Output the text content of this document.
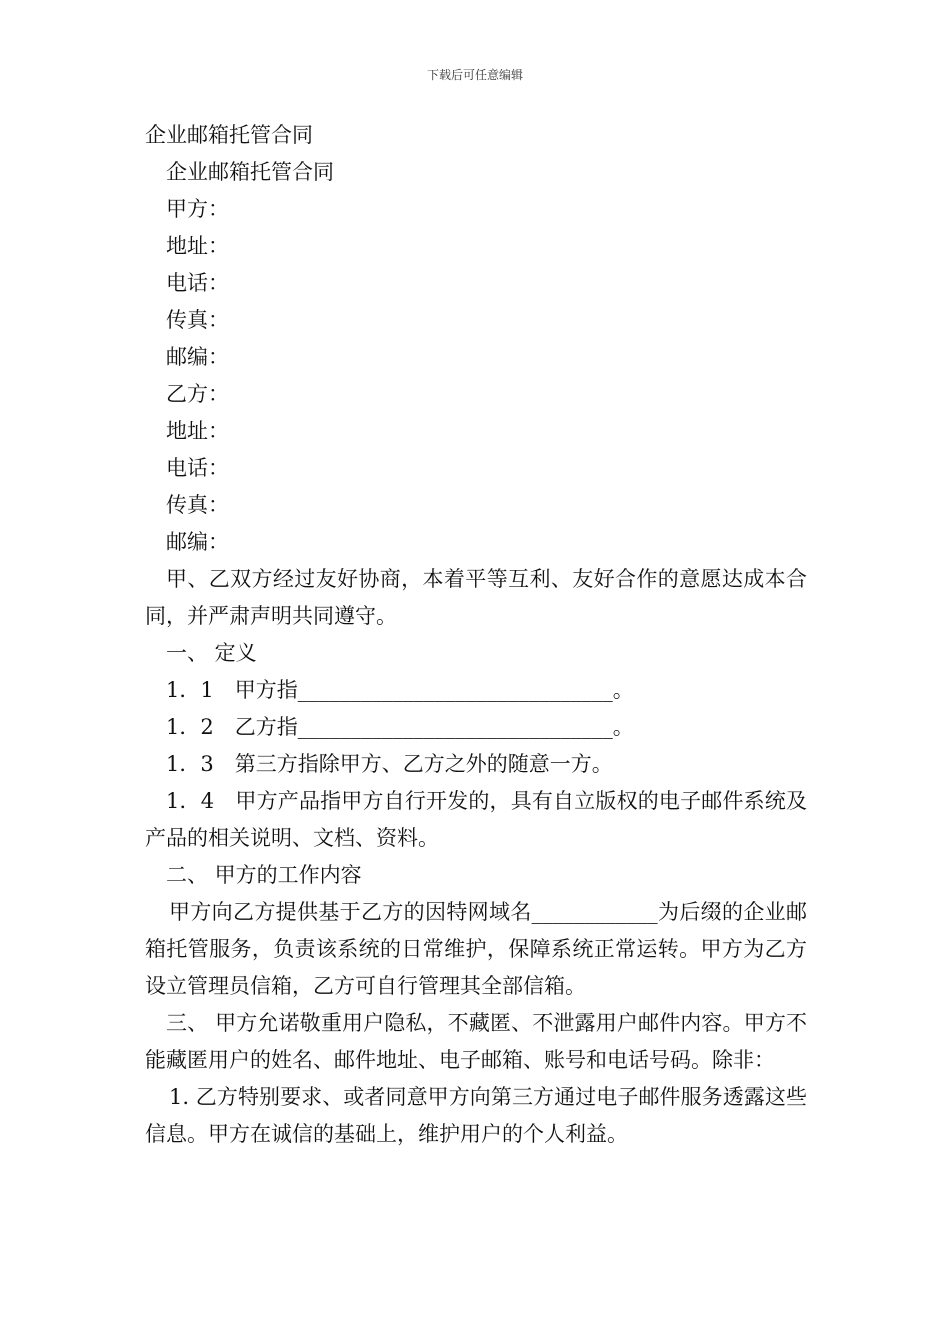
下载后可任意编辑
企业邮箱托管合同
企业邮箱托管合同
甲方：
地址：
电话：
传真：
邮编：
乙方：
地址：
电话：
传真：
邮编：
甲、乙双方经过友好协商，本着平等互利、友好合作的意愿达成本合同，并严肃声明共同遵守。
一、 定义
1．1　甲方指______________________________。
1．2　乙方指______________________________。
1．3　第三方指除甲方、乙方之外的随意一方。
1．4　甲方产品指甲方自行开发的，具有自立版权的电子邮件系统及产品的相关说明、文档、资料。
二、 甲方的工作内容
甲方向乙方提供基于乙方的因特网域名____________为后缀的企业邮箱托管服务，负责该系统的日常维护，保障系统正常运转。甲方为乙方设立管理员信箱，乙方可自行管理其全部信箱。
三、 甲方允诺敬重用户隐私，不藏匿、不泄露用户邮件内容。甲方不能藏匿用户的姓名、邮件地址、电子邮箱、账号和电话号码。除非：
1. 乙方特别要求、或者同意甲方向第三方通过电子邮件服务透露这些信息。甲方在诚信的基础上，维护用户的个人利益。
